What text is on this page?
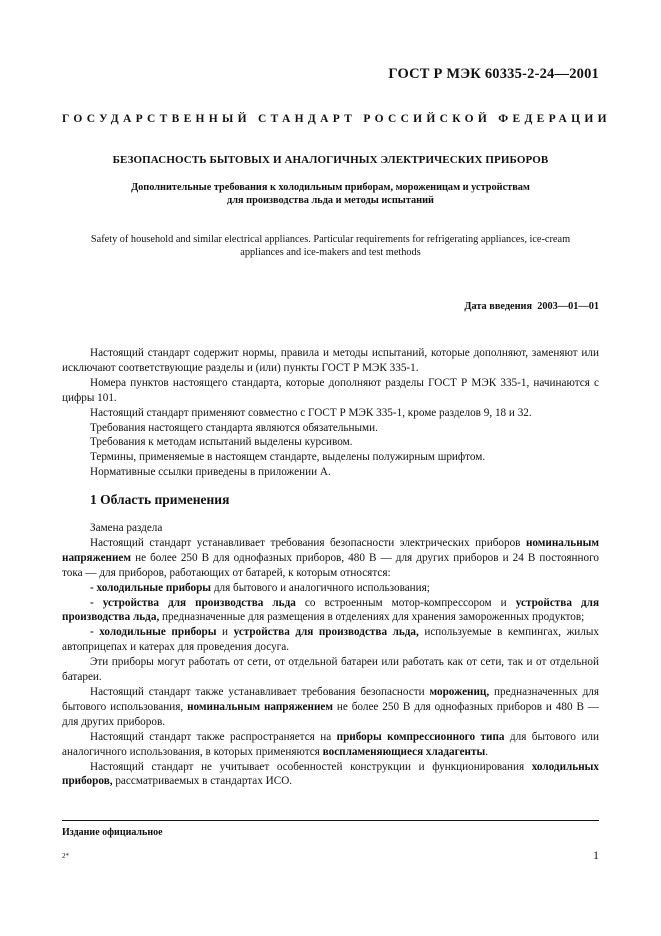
ГОСТ Р МЭК 60335-2-24—2001
ГОСУДАРСТВЕННЫЙ СТАНДАРТ РОССИЙСКОЙ ФЕДЕРАЦИИ
БЕЗОПАСНОСТЬ БЫТОВЫХ И АНАЛОГИЧНЫХ ЭЛЕКТРИЧЕСКИХ ПРИБОРОВ
Дополнительные требования к холодильным приборам, мороженицам и устройствам
для производства льда и методы испытаний
Safety of household and similar electrical appliances. Particular requirements for refrigerating appliances, ice-cream
appliances and ice-makers and test methods
Дата введения 2003—01—01

Настоящий стандарт содержит нормы, правила и методы испытаний, которые дополняют, заменяют или исключают соответствующие разделы и (или) пункты ГОСТ Р МЭК 335-1.

Номера пунктов настоящего стандарта, которые дополняют разделы ГОСТ Р МЭК 335-1, начинаются с цифры 101.

Настоящий стандарт применяют совместно с ГОСТ Р МЭК 335-1, кроме разделов 9, 18 и 32.

Требования настоящего стандарта являются обязательными.

Требования к методам испытаний выделены курсивом.

Термины, применяемые в настоящем стандарте, выделены полужирным шрифтом.

Нормативные ссылки приведены в приложении А.

1 Область применения

Замена раздела

Настоящий стандарт устанавливает требования безопасности электрических приборов номинальным напряжением не более 250 В для однофазных приборов, 480 В — для других приборов и 24 В постоянного тока — для приборов, работающих от батарей, к которым относятся:

- холодильные приборы для бытового и аналогичного использования;

- устройства для производства льда со встроенным мотор-компрессором и устройства для производства льда, предназначенные для размещения в отделениях для хранения замороженных продуктов;

- холодильные приборы и устройства для производства льда, используемые в кемпингах, жилых автоприцепах и катерах для проведения досуга.

Эти приборы могут работать от сети, от отдельной батареи или работать как от сети, так и от отдельной батареи.

Настоящий стандарт также устанавливает требования безопасности морожениц, предназначенных для бытового использования, номинальным напряжением не более 250 В для однофазных приборов и 480 В — для других приборов.

Настоящий стандарт также распространяется на приборы компрессионного типа для бытового или аналогичного использования, в которых применяются воспламеняющиеся хладагенты.

Настоящий стандарт не учитывает особенностей конструкции и функционирования холодильных приборов, рассматриваемых в стандартах ИСО.

Издание официальное
2*	1
